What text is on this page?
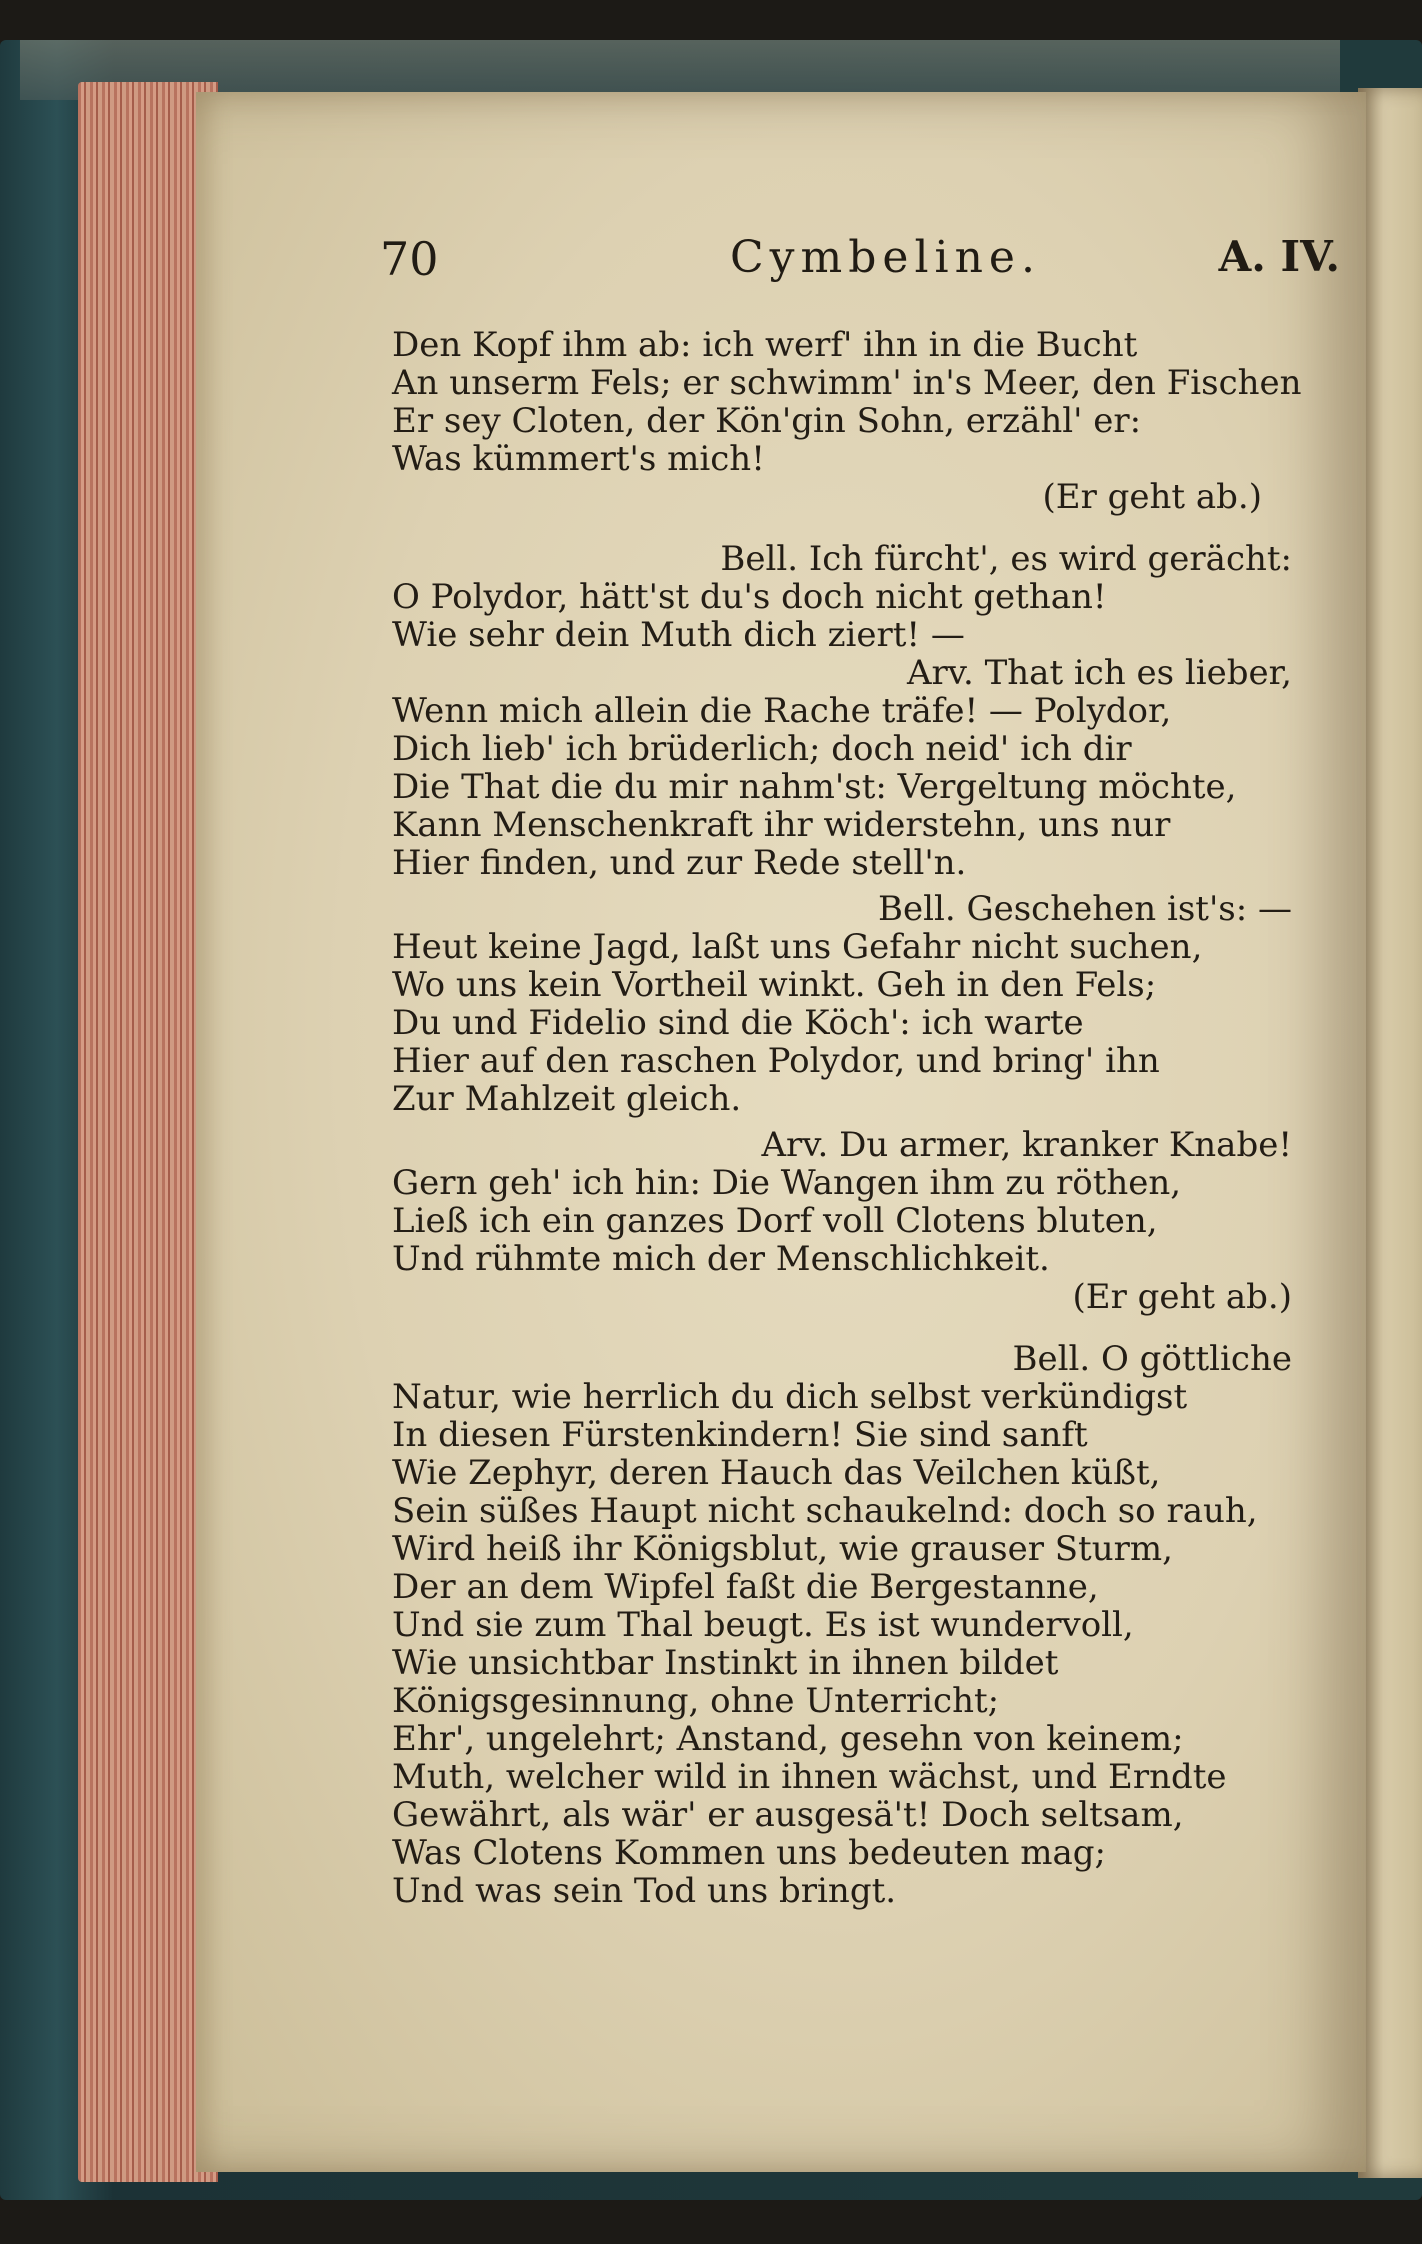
70	Cymbeline.	A. IV.
Den Kopf ihm ab: ich werf' ihn in die Bucht
An unserm Fels; er schwimm' in's Meer, den Fischen
Er sey Cloten, der Kön'gin Sohn, erzähl' er:
Was kümmert's mich!
(Er geht ab.)
Bell. Ich fürcht', es wird gerächt:
O Polydor, hätt'st du's doch nicht gethan!
Wie sehr dein Muth dich ziert! —
Arv. That ich es lieber,
Wenn mich allein die Rache träfe! — Polydor,
Dich lieb' ich brüderlich; doch neid' ich dir
Die That die du mir nahm'st: Vergeltung möchte,
Kann Menschenkraft ihr widerstehn, uns nur
Hier finden, und zur Rede stell'n.
Bell. Geschehen ist's: —
Heut keine Jagd, laßt uns Gefahr nicht suchen,
Wo uns kein Vortheil winkt. Geh in den Fels;
Du und Fidelio sind die Köch': ich warte
Hier auf den raschen Polydor, und bring' ihn
Zur Mahlzeit gleich.
Arv. Du armer, kranker Knabe!
Gern geh' ich hin: Die Wangen ihm zu röthen,
Ließ ich ein ganzes Dorf voll Clotens bluten,
Und rühmte mich der Menschlichkeit.
(Er geht ab.)
Bell. O göttliche
Natur, wie herrlich du dich selbst verkündigst
In diesen Fürstenkindern! Sie sind sanft
Wie Zephyr, deren Hauch das Veilchen küßt,
Sein süßes Haupt nicht schaukelnd: doch so rauh,
Wird heiß ihr Königsblut, wie grauser Sturm,
Der an dem Wipfel faßt die Bergestanne,
Und sie zum Thal beugt. Es ist wundervoll,
Wie unsichtbar Instinkt in ihnen bildet
Königsgesinnung, ohne Unterricht;
Ehr', ungelehrt; Anstand, gesehn von keinem;
Muth, welcher wild in ihnen wächst, und Erndte
Gewährt, als wär' er ausgesä't! Doch seltsam,
Was Clotens Kommen uns bedeuten mag;
Und was sein Tod uns bringt.
